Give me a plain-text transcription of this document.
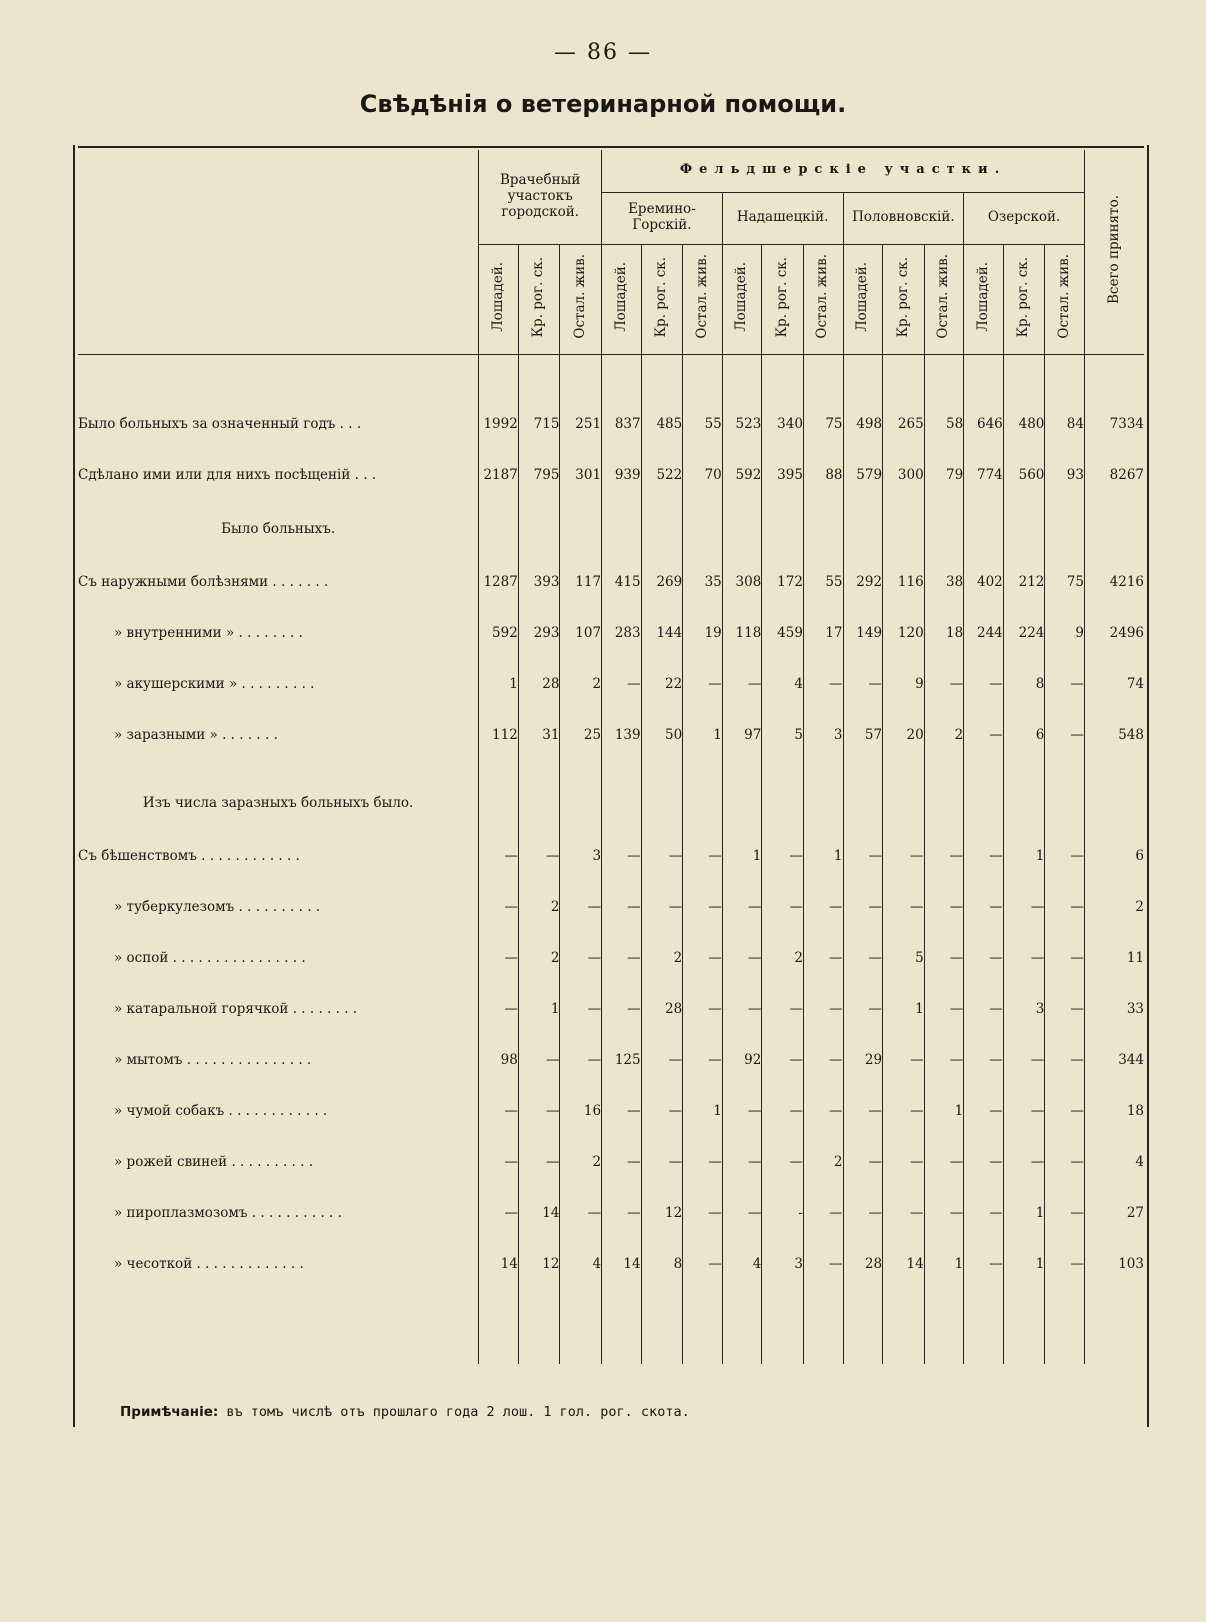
— 86 —
Свѣдѣнія о ветеринарной помощи.
	Врачебный участокъ городской.			Фельдшерскіе участки.												Всего принято.
				Еремино-Горскій.			Надашецкій.			Половновскій.			Озерской.			
	Лошадей.	Кр. рог. ск.	Остал. жив.	Лошадей.	Кр. рог. ск.	Остал. жив.	Лошадей.	Кр. рог. ск.	Остал. жив.	Лошадей.	Кр. рог. ск.	Остал. жив.	Лошадей.	Кр. рог. ск.	Остал. жив.	

Было больныхъ за означенный годъ . . .	1992	715	251	837	485	55	523	340	75	498	265	58	646	480	84	7334
Сдѣлано ими или для нихъ посѣщеній . . .	2187	795	301	939	522	70	592	395	88	579	300	79	774	560	93	8267
Было больныхъ.																
Съ наружными болѣзнями . . . . . . .	1287	393	117	415	269	35	308	172	55	292	116	38	402	212	75	4216
» внутренними » . . . . . . . .	592	293	107	283	144	19	118	459	17	149	120	18	244	224	9	2496
» акушерскими » . . . . . . . . .	1	28	2	—	22	—	—	4	—	—	9	—	—	8	—	74
» заразными » . . . . . . .	112	31	25	139	50	1	97	5	3	57	20	2	—	6	—	548

Изъ числа заразныхъ больныхъ было.																
Съ бѣшенствомъ . . . . . . . . . . . .	—	—	3	—	—	—	1	—	1	—	—	—	—	1	—	6
» туберкулезомъ . . . . . . . . . .	—	2	—	—	—	—	—	—	—	—	—	—	—	—	—	2
» оспой . . . . . . . . . . . . . . . .	—	2	—	—	2	—	—	2	—	—	5	—	—	—	—	11
» катаральной горячкой . . . . . . . .	—	1	—	—	28	—	—	—	—	—	1	—	—	3	—	33
» мытомъ . . . . . . . . . . . . . . .	98	—	—	125	—	—	92	—	—	29	—	—	—	—	—	344
» чумой собакъ . . . . . . . . . . . .	—	—	16	—	—	1	—	—	—	—	—	1	—	—	—	18
» рожей свиней . . . . . . . . . .	—	—	2	—	—	—	—	—	2	—	—	—	—	—	—	4
» пироплазмозомъ . . . . . . . . . . .	—	14	—	—	12	—	—	-	—	—	—	—	—	1	—	27
» чесоткой . . . . . . . . . . . . .	14	12	4	14	8	—	4	3	—	28	14	1	—	1	—	103

Примѣчаніе: въ томъ числѣ отъ прошлаго года 2 лош. 1 гол. рог. скота.
